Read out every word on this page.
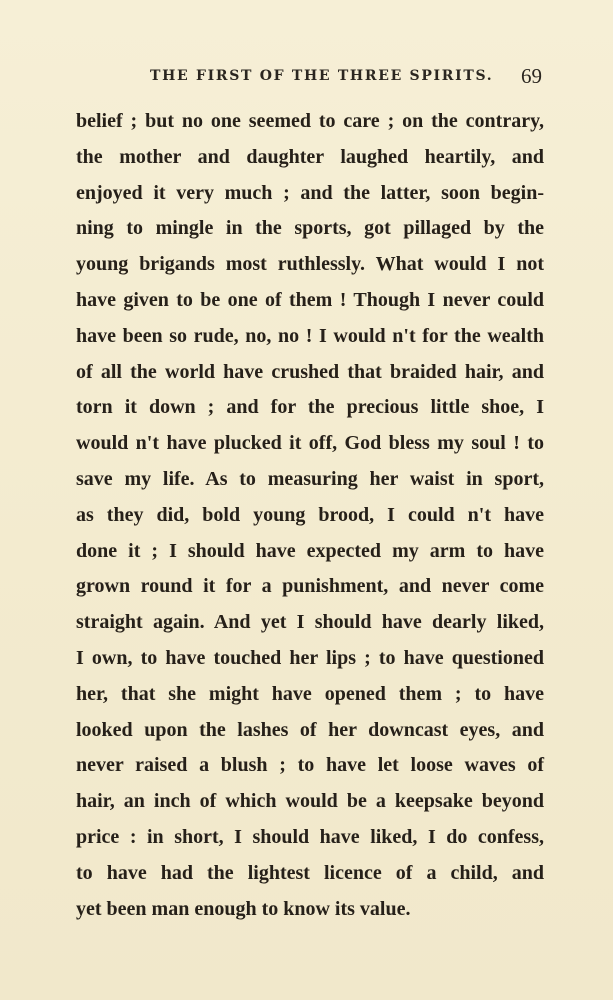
THE FIRST OF THE THREE SPIRITS. 69
belief ; but no one seemed to care ; on the contrary,
the mother and daughter laughed heartily, and
enjoyed it very much ; and the latter, soon begin-
ning to mingle in the sports, got pillaged by the
young brigands most ruthlessly. What would I not
have given to be one of them ! Though I never could
have been so rude, no, no ! I would n't for the wealth
of all the world have crushed that braided hair, and
torn it down ; and for the precious little shoe, I
would n't have plucked it off, God bless my soul ! to
save my life. As to measuring her waist in sport,
as they did, bold young brood, I could n't have
done it ; I should have expected my arm to have
grown round it for a punishment, and never come
straight again. And yet I should have dearly liked,
I own, to have touched her lips ; to have questioned
her, that she might have opened them ; to have
looked upon the lashes of her downcast eyes, and
never raised a blush ; to have let loose waves of
hair, an inch of which would be a keepsake beyond
price : in short, I should have liked, I do confess,
to have had the lightest licence of a child, and
yet been man enough to know its value.
